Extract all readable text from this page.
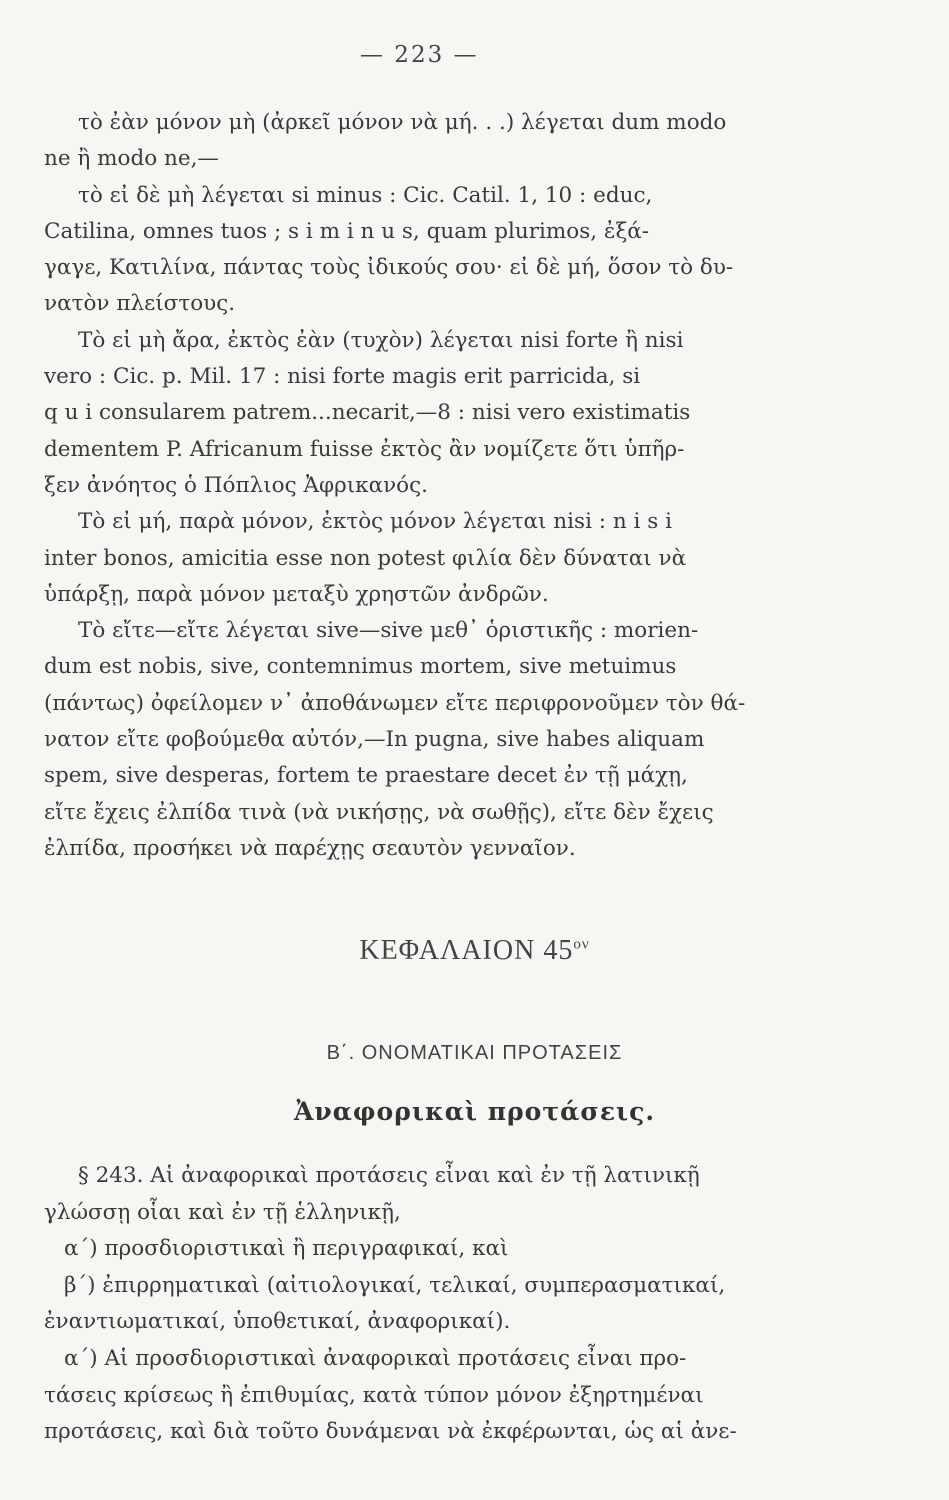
— 223 —
τὸ ἐὰν μόνον μὴ (ἀρκεῖ μόνον νὰ μή. . .) λέγεται dum modo
ne ἢ modo ne,—
τὸ εἰ δὲ μὴ λέγεται si minus : Cic. Catil. 1, 10 : educ,
Catilina, omnes tuos ; s i m i n u s, quam plurimos, ἐξά-
γαγε, Κατιλίνα, πάντας τοὺς ἰδικούς σου· εἰ δὲ μή, ὅσον τὸ δυ-
νατὸν πλείστους.
Τὸ εἰ μὴ ἄρα, ἐκτὸς ἐὰν (τυχὸν) λέγεται nisi forte ἢ nisi
vero : Cic. p. Mil. 17 : nisi forte magis erit parricida, si
q u i consularem patrem...necarit,—8 : nisi vero existimatis
dementem P. Africanum fuisse ἐκτὸς ἂν νομίζετε ὅτι ὑπῆρ-
ξεν ἀνόητος ὁ Πόπλιος Ἀφρικανός.
Τὸ εἰ μή, παρὰ μόνον, ἐκτὸς μόνον λέγεται nisi : n i s i
inter bonos, amicitia esse non potest φιλία δὲν δύναται νὰ
ὑπάρξῃ, παρὰ μόνον μεταξὺ χρηστῶν ἀνδρῶν.
Τὸ εἴτε—εἴτε λέγεται sive—sive μεθ᾽ ὁριστικῆς : morien-
dum est nobis, sive, contemnimus mortem, sive metuimus
(πάντως) ὀφείλομεν ν᾽ ἀποθάνωμεν εἴτε περιφρονοῦμεν τὸν θά-
νατον εἴτε φοβούμεθα αὐτόν,—In pugna, sive habes aliquam
spem, sive desperas, fortem te praestare decet ἐν τῇ μάχῃ,
εἴτε ἔχεις ἐλπίδα τινὰ (νὰ νικήσῃς, νὰ σωθῇς), εἴτε δὲν ἔχεις
ἐλπίδα, προσήκει νὰ παρέχῃς σεαυτὸν γενναῖον.
ΚΕΦΑΛΑΙΟΝ $45^{o\nu}$
Β΄. ΟΝΟΜΑΤΙΚΑΙ ΠΡΟΤΑΣΕΙΣ
Ἀναφορικαὶ προτάσεις.
§ 243. Αἱ ἀναφορικαὶ προτάσεις εἶναι καὶ ἐν τῇ λατινικῇ
γλώσσῃ οἷαι καὶ ἐν τῇ ἑλληνικῇ,
α΄) προσδιοριστικαὶ ἢ περιγραφικαί, καὶ
β΄) ἐπιρρηματικαὶ (αἰτιολογικαί, τελικαί, συμπερασματικαί,
ἐναντιωματικαί, ὑποθετικαί, ἀναφορικαί).
α΄) Αἱ προσδιοριστικαὶ ἀναφορικαὶ προτάσεις εἶναι προ-
τάσεις κρίσεως ἢ ἐπιθυμίας, κατὰ τύπον μόνον ἐξηρτημέναι
προτάσεις, καὶ διὰ τοῦτο δυνάμεναι νὰ ἐκφέρωνται, ὡς αἱ ἀνε-
